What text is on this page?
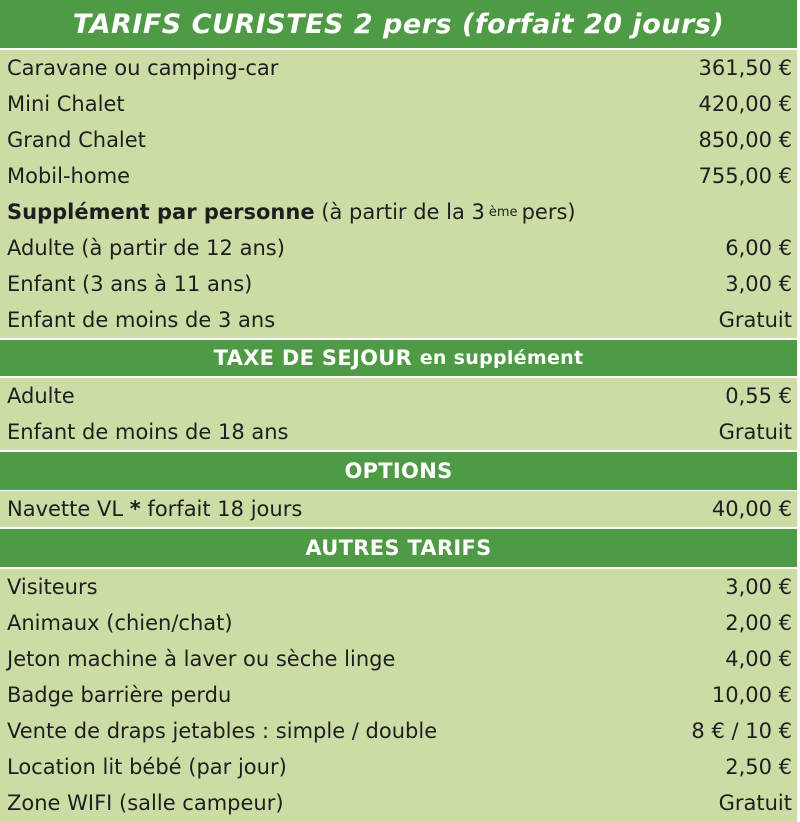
TARIFS CURISTES 2 pers (forfait 20 jours)
Caravane ou camping-car	361,50 €
Mini Chalet	420,00 €
Grand Chalet	850,00 €
Mobil-home	755,00 €
Supplément par personne
(à partir de la 3 ème pers)
Adulte (à partir de 12 ans)	6,00 €
Enfant (3 ans à 11 ans)	3,00 €
Enfant de moins de 3 ans	Gratuit
TAXE DE SEJOUR
en supplément
Adulte	0,55 €
Enfant de moins de 18 ans	Gratuit
OPTIONS
Navette VL * forfait 18 jours	40,00 €
AUTRES TARIFS
Visiteurs	3,00 €
Animaux (chien/chat)	2,00 €
Jeton machine à laver ou sèche linge	4,00 €
Badge barrière perdu	10,00 €
Vente de draps jetables : simple / double	8 € / 10 €
Location lit bébé (par jour)	2,50 €
Zone WIFI (salle campeur)	Gratuit
